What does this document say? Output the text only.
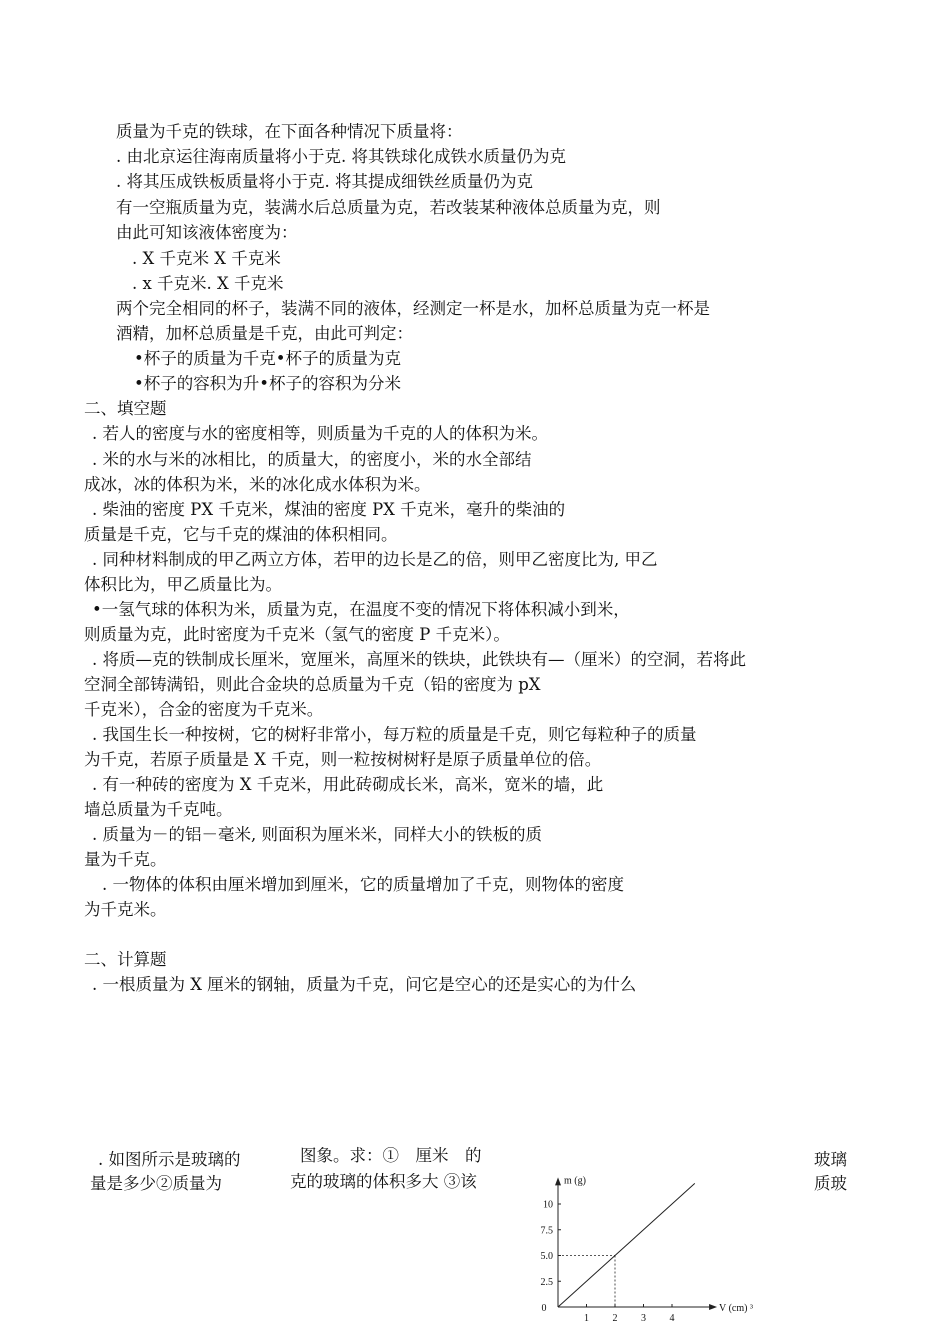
质量为千克的铁球，在下面各种情况下质量将：
. 由北京运往海南质量将小于克. 将其铁球化成铁水质量仍为克
. 将其压成铁板质量将小于克. 将其提成细铁丝质量仍为克
有一空瓶质量为克，装满水后总质量为克，若改装某种液体总质量为克，则
由此可知该液体密度为：
. X 千克米 X 千克米
. x 千克米. X 千克米
两个完全相同的杯子，装满不同的液体，经测定一杯是水，加杯总质量为克一杯是
酒精，加杯总质量是千克，由此可判定：
•杯子的质量为千克•杯子的质量为克
•杯子的容积为升•杯子的容积为分米
二、填空题
. 若人的密度与水的密度相等，则质量为千克的人的体积为米。
. 米的水与米的冰相比，的质量大，的密度小，米的水全部结
成冰，冰的体积为米，米的冰化成水体积为米。
. 柴油的密度 PX 千克米，煤油的密度 PX 千克米，毫升的柴油的
质量是千克，它与千克的煤油的体积相同。
. 同种材料制成的甲乙两立方体，若甲的边长是乙的倍，则甲乙密度比为, 甲乙
体积比为，甲乙质量比为。
•一氢气球的体积为米，质量为克，在温度不变的情况下将体积减小到米，
则质量为克，此时密度为千克米（氢气的密度 P 千克米）。
. 将质—克的铁制成长厘米，宽厘米，高厘米的铁块，此铁块有—（厘米）的空洞，若将此
空洞全部铸满铅，则此合金块的总质量为千克（铅的密度为 pX
千克米），合金的密度为千克米。
. 我国生长一种按树，它的树籽非常小，每万粒的质量是千克，则它每粒种子的质量
为千克，若原子质量是 X 千克，则一粒按树树籽是原子质量单位的倍。
. 有一种砖的密度为 X 千克米，用此砖砌成长米，高米，宽米的墙，此
墙总质量为千克吨。
. 质量为－的铝－毫米, 则面积为厘米米，同样大小的铁板的质
量为千克。
. 一物体的体积由厘米增加到厘米，它的质量增加了千克，则物体的密度
为千克米。
二、计算题
. 一根质量为 X 厘米的钢轴，质量为千克，问它是空心的还是实心的为什么
. 如图所示是玻璃的	图象。求：①　厘米　的	玻璃
量是多少②质量为	克的玻璃的体积多大 ③该	质玻
m (g)
V (cm) ³
0
1 2 3 4
2.5
5.0
7.5
10
